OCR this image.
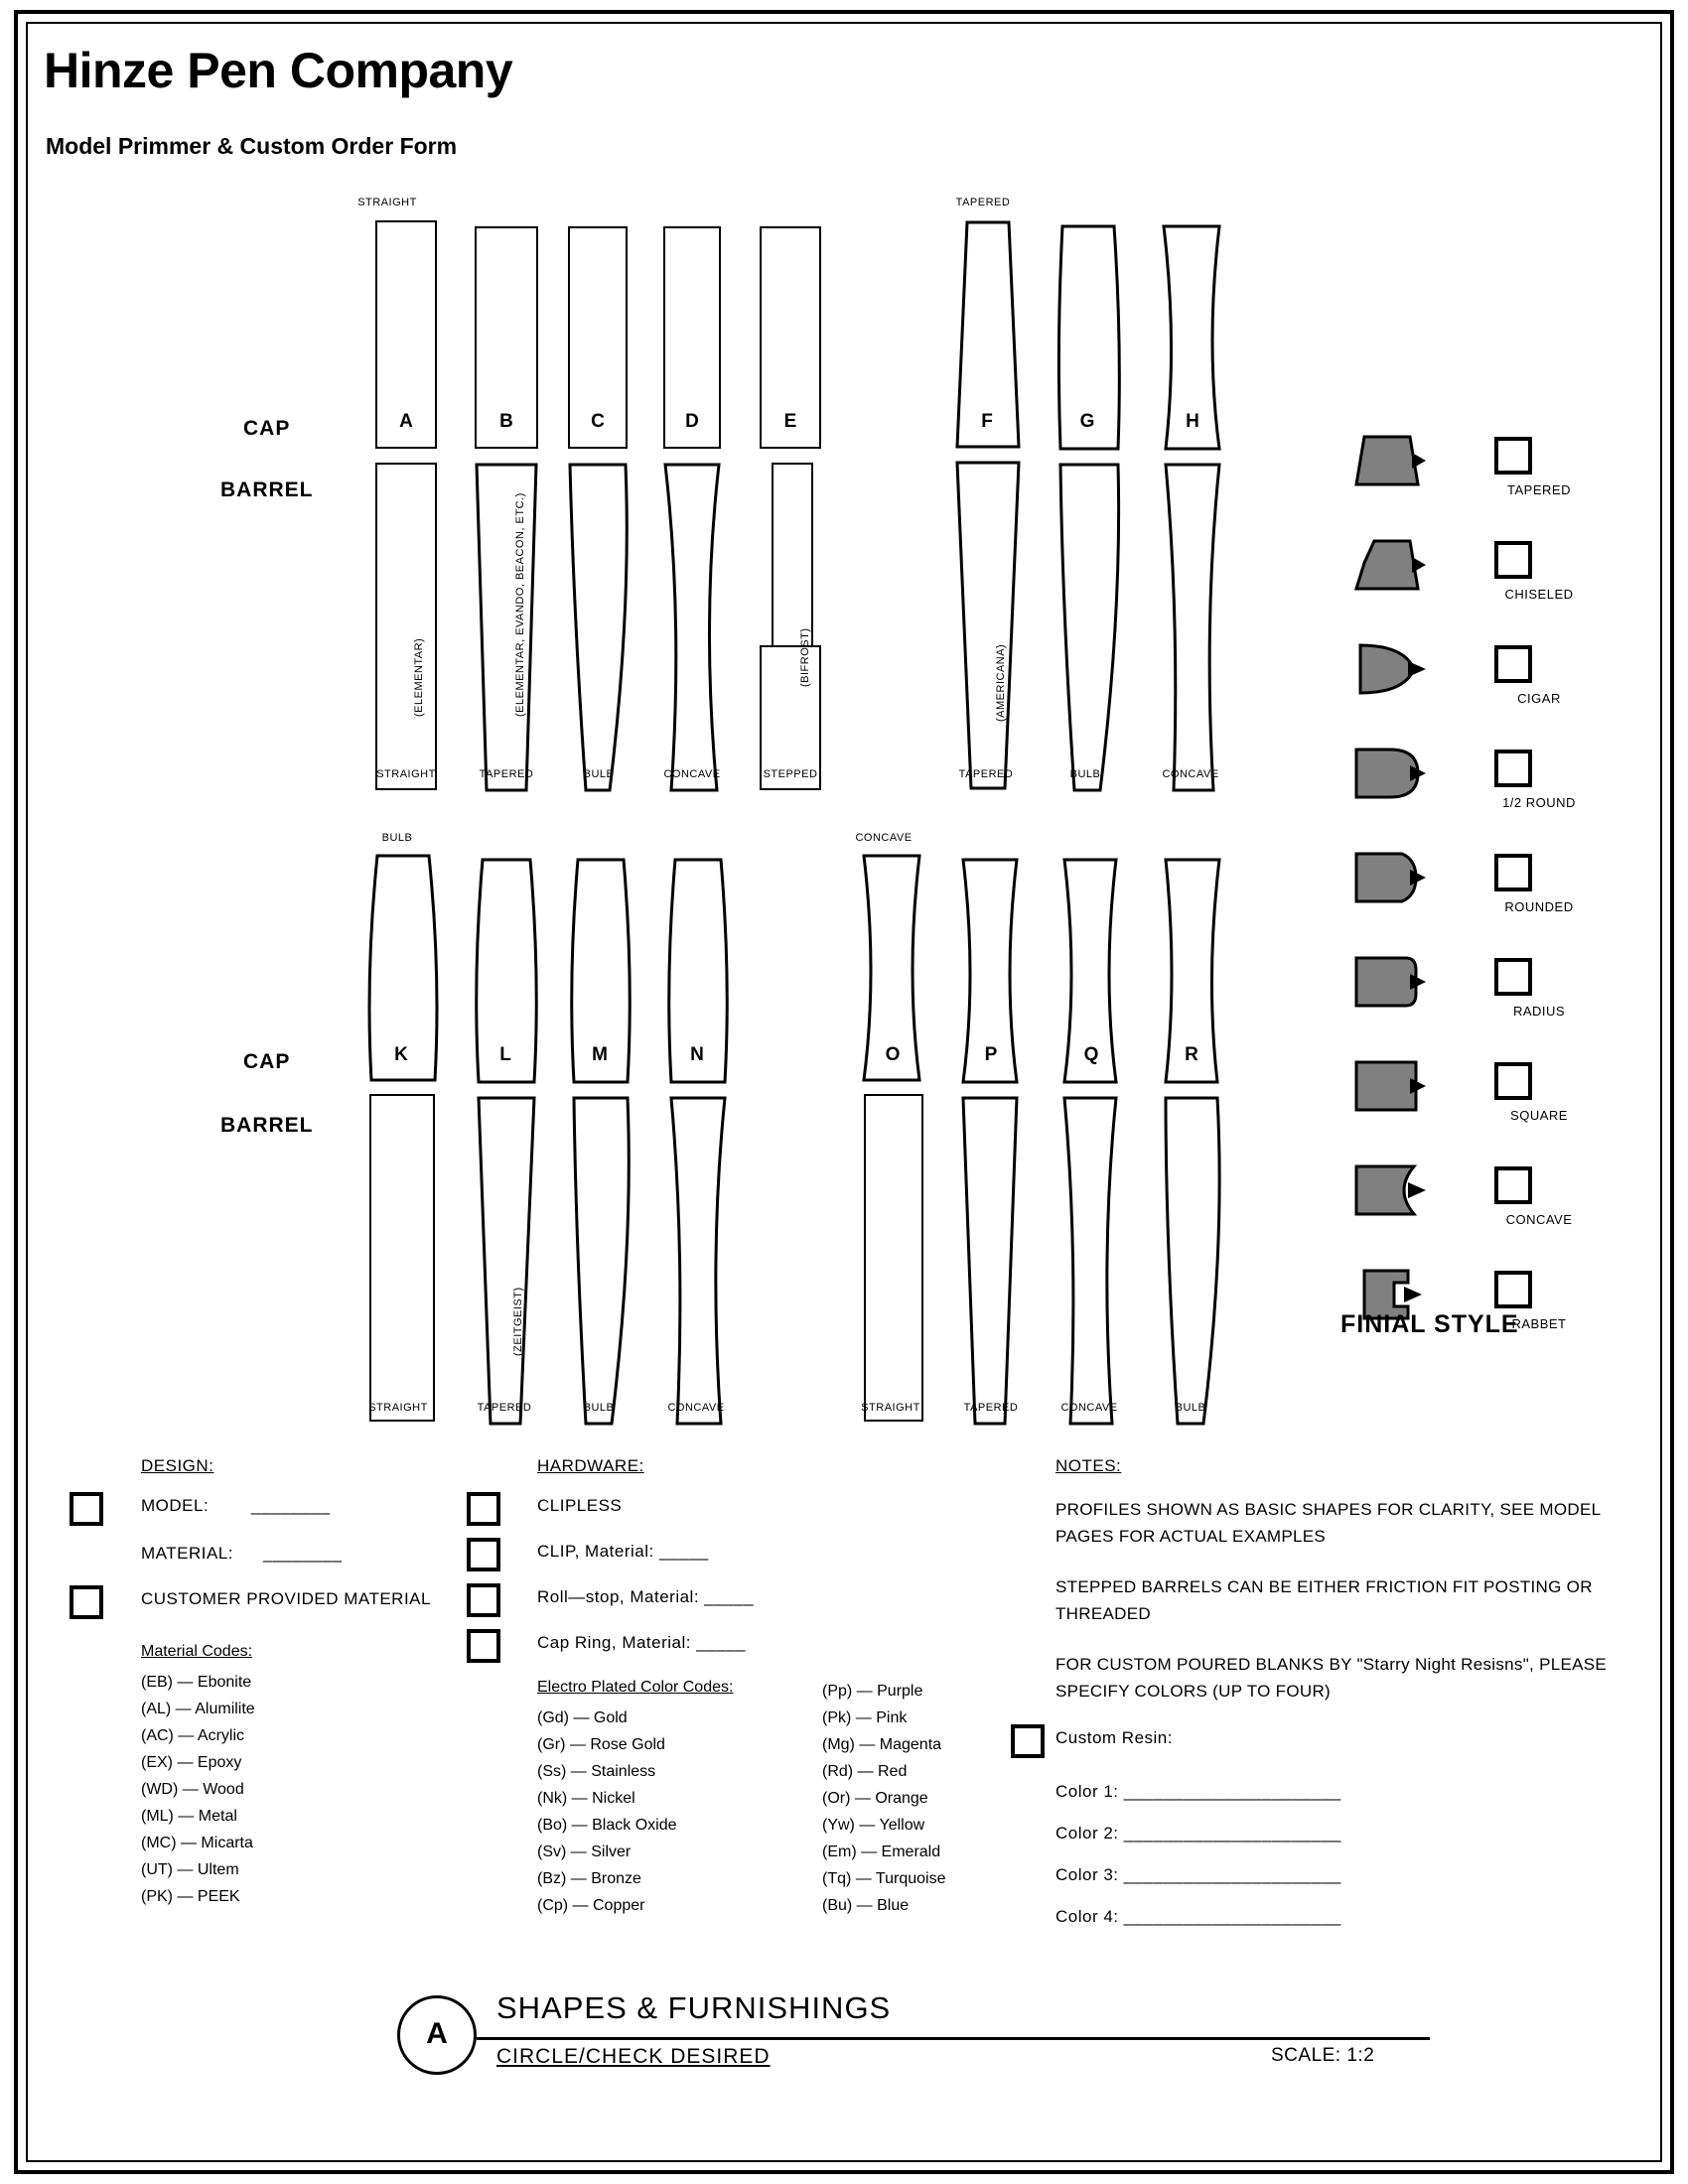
Hinze Pen Company
Model Primmer & Custom Order Form
CAP
BARREL
CAP
BARREL
STRAIGHT	TAPERED
A
(ELEMENTAR)
STRAIGHT
B
(ELEMENTAR, EVANDO, BEACON, ETC.)
TAPERED
C
BULB
D
CONCAVE
E
(BIFROST)
STEPPED
F
(AMERICANA)
TAPERED
G
BULB
H
CONCAVE
BULB	CONCAVE
K
STRAIGHT
L
(ZEITGEIST)
TAPERED
M
BULB
N
CONCAVE
O
STRAIGHT
P
TAPERED
Q
CONCAVE
R
BULB
TAPERED
CHISELED
CIGAR
1/2 ROUND
ROUNDED
RADIUS
SQUARE
CONCAVE
RABBET
FINIAL STYLE
DESIGN:
MODEL:	________
MATERIAL: ________
CUSTOMER PROVIDED MATERIAL
Material Codes:
(EB) — Ebonite
(AL) — Alumilite
(AC) — Acrylic
(EX) — Epoxy
(WD) — Wood
(ML) — Metal
(MC) — Micarta
(UT) — Ultem
(PK) — PEEK
HARDWARE:
CLIPLESS
CLIP, Material: _____
Roll—stop, Material: _____
Cap Ring, Material: _____
Electro Plated Color Codes:
(Gd) — Gold
(Gr) — Rose Gold
(Ss) — Stainless
(Nk) — Nickel
(Bo) — Black Oxide
(Sv) — Silver
(Bz) — Bronze
(Cp) — Copper
(Pp) — Purple
(Pk) — Pink
(Mg) — Magenta
(Rd) — Red
(Or) — Orange
(Yw) — Yellow
(Em) — Emerald
(Tq) — Turquoise
(Bu) — Blue
NOTES:
PROFILES SHOWN AS BASIC SHAPES FOR CLARITY, SEE MODEL PAGES FOR ACTUAL EXAMPLES
STEPPED BARRELS CAN BE EITHER FRICTION FIT POSTING OR THREADED
FOR CUSTOM POURED BLANKS BY "Starry Night Resisns", PLEASE SPECIFY COLORS (UP TO FOUR)
Custom Resin:
Color 1: ______________________
Color 2: ______________________
Color 3: ______________________
Color 4: ______________________
A
SHAPES & FURNISHINGS
CIRCLE/CHECK DESIRED	SCALE: 1:2
